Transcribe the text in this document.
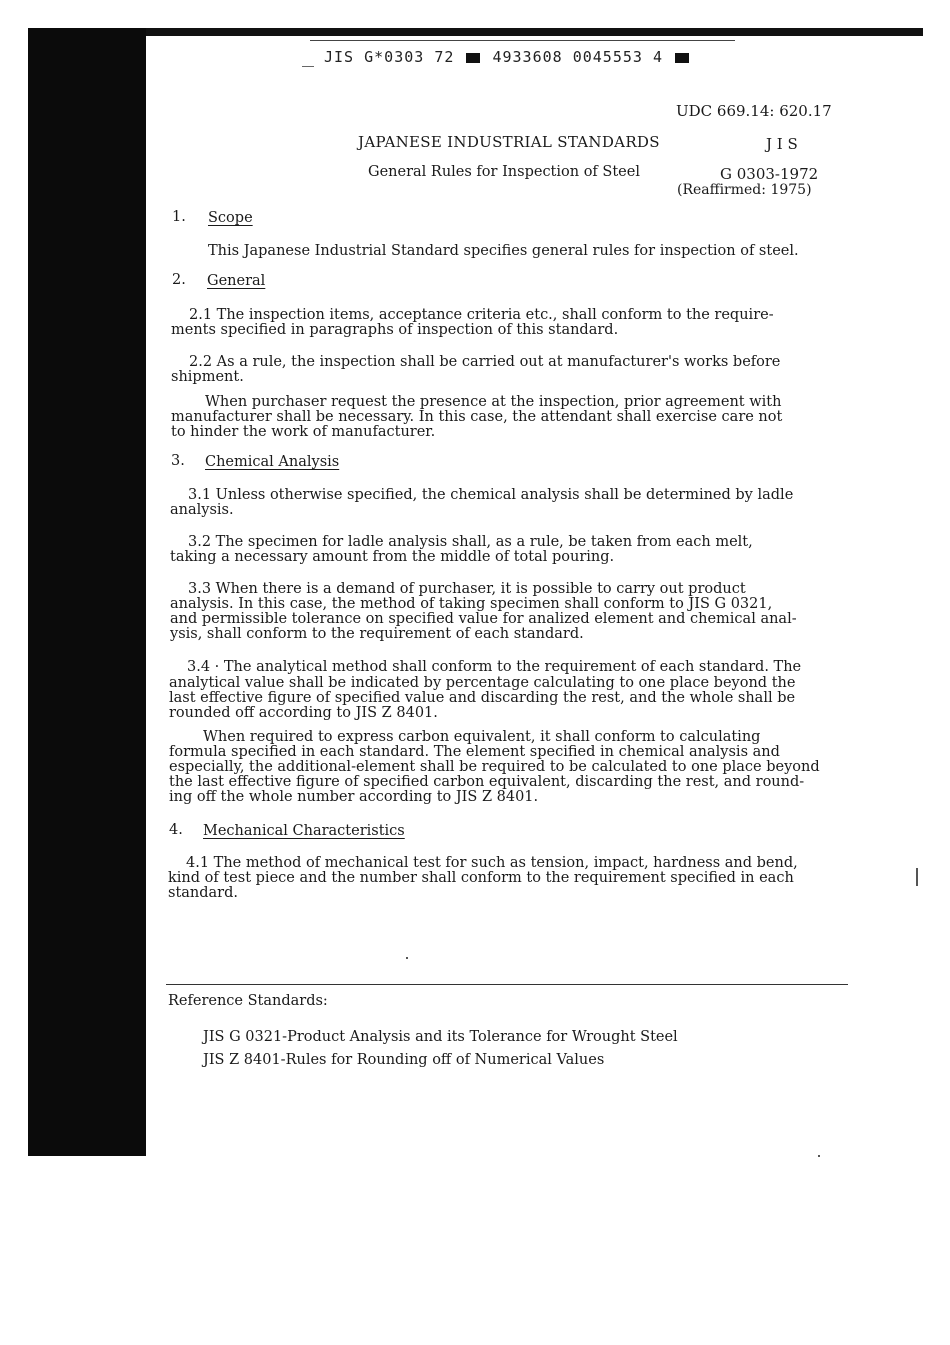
JIS G*0303 72	4933608 0045553 4
UDC 669.14: 620.17
JAPANESE INDUSTRIAL STANDARDS	J I S
General Rules for Inspection of Steel	G 0303-1972
(Reaffirmed: 1975)
1. Scope
This Japanese Industrial Standard specifies general rules for inspection of steel.
2. General
2.1 The inspection items, acceptance criteria etc., shall conform to the require-
ments specified in paragraphs of inspection of this standard.
2.2 As a rule, the inspection shall be carried out at manufacturer's works before
shipment.
When purchaser request the presence at the inspection, prior agreement with
manufacturer shall be necessary. In this case, the attendant shall exercise care not
to hinder the work of manufacturer.
3. Chemical Analysis
3.1 Unless otherwise specified, the chemical analysis shall be determined by ladle
analysis.
3.2 The specimen for ladle analysis shall, as a rule, be taken from each melt,
taking a necessary amount from the middle of total pouring.
3.3 When there is a demand of purchaser, it is possible to carry out product
analysis. In this case, the method of taking specimen shall conform to JIS G 0321,
and permissible tolerance on specified value for analized element and chemical anal-
ysis, shall conform to the requirement of each standard.
3.4 · The analytical method shall conform to the requirement of each standard. The
analytical value shall be indicated by percentage calculating to one place beyond the
last effective figure of specified value and discarding the rest, and the whole shall be
rounded off according to JIS Z 8401.
When required to express carbon equivalent, it shall conform to calculating
formula specified in each standard. The element specified in chemical analysis and
especially, the additional-element shall be required to be calculated to one place beyond
the last effective figure of specified carbon equivalent, discarding the rest, and round-
ing off the whole number according to JIS Z 8401.
4. Mechanical Characteristics
4.1 The method of mechanical test for such as tension, impact, hardness and bend,
kind of test piece and the number shall conform to the requirement specified in each
standard.
Reference Standards:
JIS G 0321-Product Analysis and its Tolerance for Wrought Steel
JIS Z 8401-Rules for Rounding off of Numerical Values
